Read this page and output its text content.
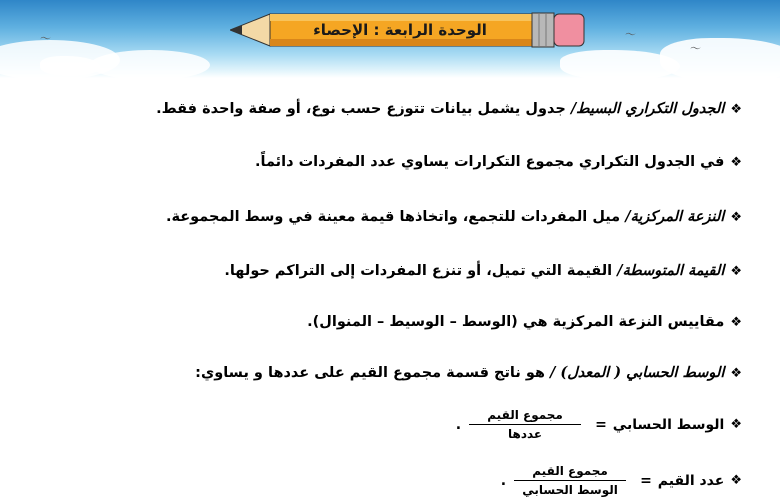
〜
〜
〜	الوحدة الرابعة : الإحصاء
❖الجدول التكراري البسيط/ جدول يشمل بيانات تتوزع حسب نوع، أو صفة واحدة فقط.
❖في الجدول التكراري مجموع التكرارات يساوي عدد المفردات دائماً.
❖النزعة المركزية/ ميل المفردات للتجمع، واتخاذها قيمة معينة في وسط المجموعة.
❖القيمة المتوسطة/ القيمة التي تميل، أو تنزع المفردات إلى التراكم حولها.
❖مقاييس النزعة المركزية هي (الوسط – الوسيط – المنوال).
❖الوسط الحسابي ( المعدل) / هو ناتج قسمة مجموع القيم على عددها و يساوي:
❖
الوسط الحسابي
=
$\frac{\text{مجموع القيم}}{\text{عددها}}$
.
❖
عدد القيم
=
$\frac{\text{مجموع القيم}}{\text{الوسط الحسابي}}$
.
